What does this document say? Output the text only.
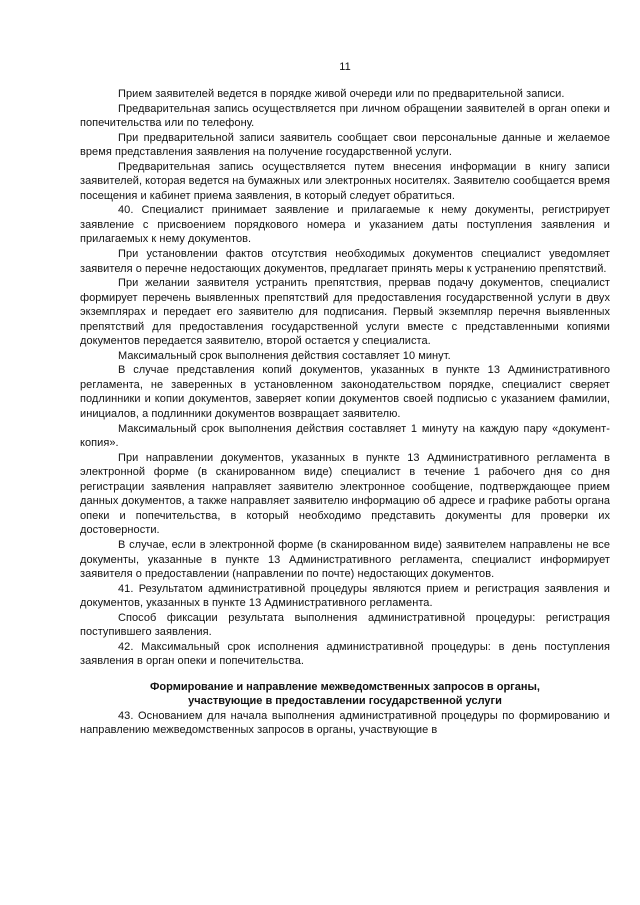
11

Прием заявителей ведется в порядке живой очереди или по предварительной записи.

Предварительная запись осуществляется при личном обращении заявителей в орган опеки и попечительства или по телефону.

При предварительной записи заявитель сообщает свои персональные данные и желаемое время представления заявления на получение государственной услуги.

Предварительная запись осуществляется путем внесения информации в книгу записи заявителей, которая ведется на бумажных или электронных носителях. Заявителю сообщается время посещения и кабинет приема заявления, в который следует обратиться.

40. Специалист принимает заявление и прилагаемые к нему документы, регистрирует заявление с присвоением порядкового номера и указанием даты поступления заявления и прилагаемых к нему документов.

При установлении фактов отсутствия необходимых документов специалист уведомляет заявителя о перечне недостающих документов, предлагает принять меры к устранению препятствий.

При желании заявителя устранить препятствия, прервав подачу документов, специалист формирует перечень выявленных препятствий для предоставления государственной услуги в двух экземплярах и передает его заявителю для подписания. Первый экземпляр перечня выявленных препятствий для предоставления государственной услуги вместе с представленными копиями документов передается заявителю, второй остается у специалиста.

Максимальный срок выполнения действия составляет 10 минут.

В случае представления копий документов, указанных в пункте 13 Административного регламента, не заверенных в установленном законодательством порядке, специалист сверяет подлинники и копии документов, заверяет копии документов своей подписью с указанием фамилии, инициалов, а подлинники документов возвращает заявителю.

Максимальный срок выполнения действия составляет 1 минуту на каждую пару «документ-копия».

При направлении документов, указанных в пункте 13 Административного регламента в электронной форме (в сканированном виде) специалист в течение 1 рабочего дня со дня регистрации заявления направляет заявителю электронное сообщение, подтверждающее прием данных документов, а также направляет заявителю информацию об адресе и графике работы органа опеки и попечительства, в который необходимо представить документы для проверки их достоверности.

В случае, если в электронной форме (в сканированном виде) заявителем направлены не все документы, указанные в пункте 13 Административного регламента, специалист информирует заявителя о предоставлении (направлении по почте) недостающих документов.

41. Результатом административной процедуры являются прием и регистрация заявления и документов, указанных в пункте 13 Административного регламента.

Способ фиксации результата выполнения административной процедуры: регистрация поступившего заявления.

42. Максимальный срок исполнения административной процедуры: в день поступления заявления в орган опеки и попечительства.

Формирование и направление межведомственных запросов в органы,
участвующие в предоставлении государственной услуги

43. Основанием для начала выполнения административной процедуры по формированию и направлению межведомственных запросов в органы, участвующие в
